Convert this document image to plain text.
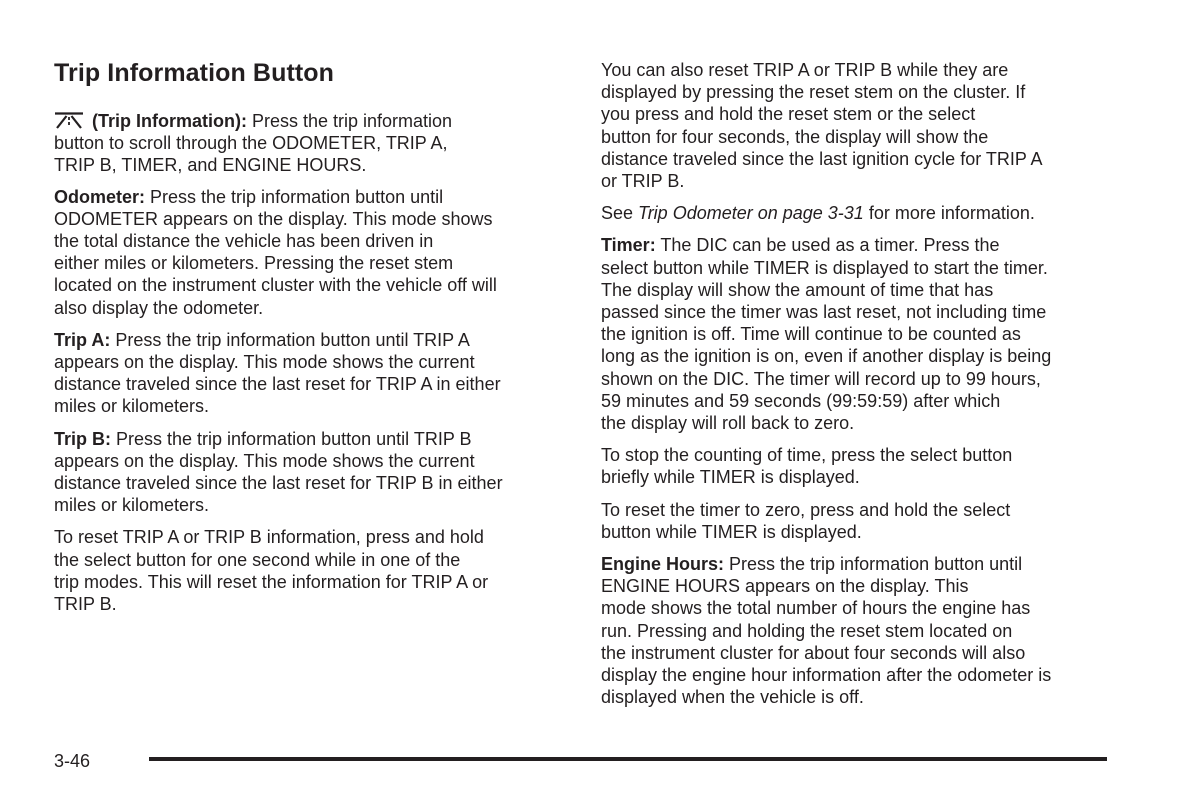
Trip Information Button

(Trip Information): Press the trip information
button to scroll through the ODOMETER, TRIP A,
TRIP B, TIMER, and ENGINE HOURS.

Odometer: Press the trip information button until
ODOMETER appears on the display. This mode shows
the total distance the vehicle has been driven in
either miles or kilometers. Pressing the reset stem
located on the instrument cluster with the vehicle off will
also display the odometer.

Trip A: Press the trip information button until TRIP A
appears on the display. This mode shows the current
distance traveled since the last reset for TRIP A in either
miles or kilometers.

Trip B: Press the trip information button until TRIP B
appears on the display. This mode shows the current
distance traveled since the last reset for TRIP B in either
miles or kilometers.

To reset TRIP A or TRIP B information, press and hold
the select button for one second while in one of the
trip modes. This will reset the information for TRIP A or
TRIP B.

You can also reset TRIP A or TRIP B while they are
displayed by pressing the reset stem on the cluster. If
you press and hold the reset stem or the select
button for four seconds, the display will show the
distance traveled since the last ignition cycle for TRIP A
or TRIP B.

See Trip Odometer on page 3-31 for more information.

Timer: The DIC can be used as a timer. Press the
select button while TIMER is displayed to start the timer.
The display will show the amount of time that has
passed since the timer was last reset, not including time
the ignition is off. Time will continue to be counted as
long as the ignition is on, even if another display is being
shown on the DIC. The timer will record up to 99 hours,
59 minutes and 59 seconds (99:59:59) after which
the display will roll back to zero.

To stop the counting of time, press the select button
briefly while TIMER is displayed.

To reset the timer to zero, press and hold the select
button while TIMER is displayed.

Engine Hours: Press the trip information button until
ENGINE HOURS appears on the display. This
mode shows the total number of hours the engine has
run. Pressing and holding the reset stem located on
the instrument cluster for about four seconds will also
display the engine hour information after the odometer is
displayed when the vehicle is off.

3-46
